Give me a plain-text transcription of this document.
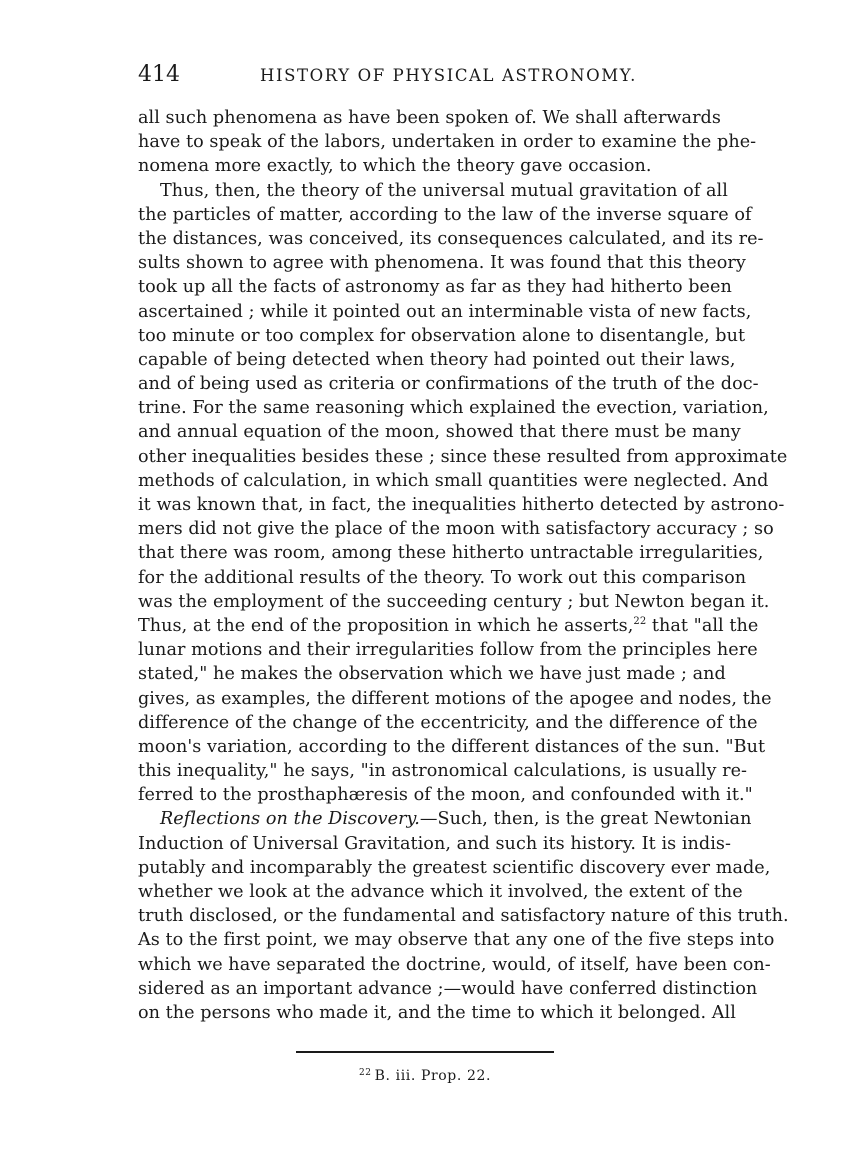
414	HISTORY OF PHYSICAL ASTRONOMY.
all such phenomena as have been spoken of. We shall afterwards
have to speak of the labors, undertaken in order to examine the phe-
nomena more exactly, to which the theory gave occasion.
Thus, then, the theory of the universal mutual gravitation of all
the particles of matter, according to the law of the inverse square of
the distances, was conceived, its consequences calculated, and its re-
sults shown to agree with phenomena. It was found that this theory
took up all the facts of astronomy as far as they had hitherto been
ascertained ; while it pointed out an interminable vista of new facts,
too minute or too complex for observation alone to disentangle, but
capable of being detected when theory had pointed out their laws,
and of being used as criteria or confirmations of the truth of the doc-
trine. For the same reasoning which explained the evection, variation,
and annual equation of the moon, showed that there must be many
other inequalities besides these ; since these resulted from approximate
methods of calculation, in which small quantities were neglected. And
it was known that, in fact, the inequalities hitherto detected by astrono-
mers did not give the place of the moon with satisfactory accuracy ; so
that there was room, among these hitherto untractable irregularities,
for the additional results of the theory. To work out this comparison
was the employment of the succeeding century ; but Newton began it.
Thus, at the end of the proposition in which he asserts,$^{22}$ that "all the
lunar motions and their irregularities follow from the principles here
stated," he makes the observation which we have just made ; and
gives, as examples, the different motions of the apogee and nodes, the
difference of the change of the eccentricity, and the difference of the
moon's variation, according to the different distances of the sun. "But
this inequality," he says, "in astronomical calculations, is usually re-
ferred to the prosthaphæresis of the moon, and confounded with it."
Reflections on the Discovery.—Such, then, is the great Newtonian
Induction of Universal Gravitation, and such its history. It is indis-
putably and incomparably the greatest scientific discovery ever made,
whether we look at the advance which it involved, the extent of the
truth disclosed, or the fundamental and satisfactory nature of this truth.
As to the first point, we may observe that any one of the five steps into
which we have separated the doctrine, would, of itself, have been con-
sidered as an important advance ;—would have conferred distinction
on the persons who made it, and the time to which it belonged. All
$^{22}$ B. iii. Prop. 22.
